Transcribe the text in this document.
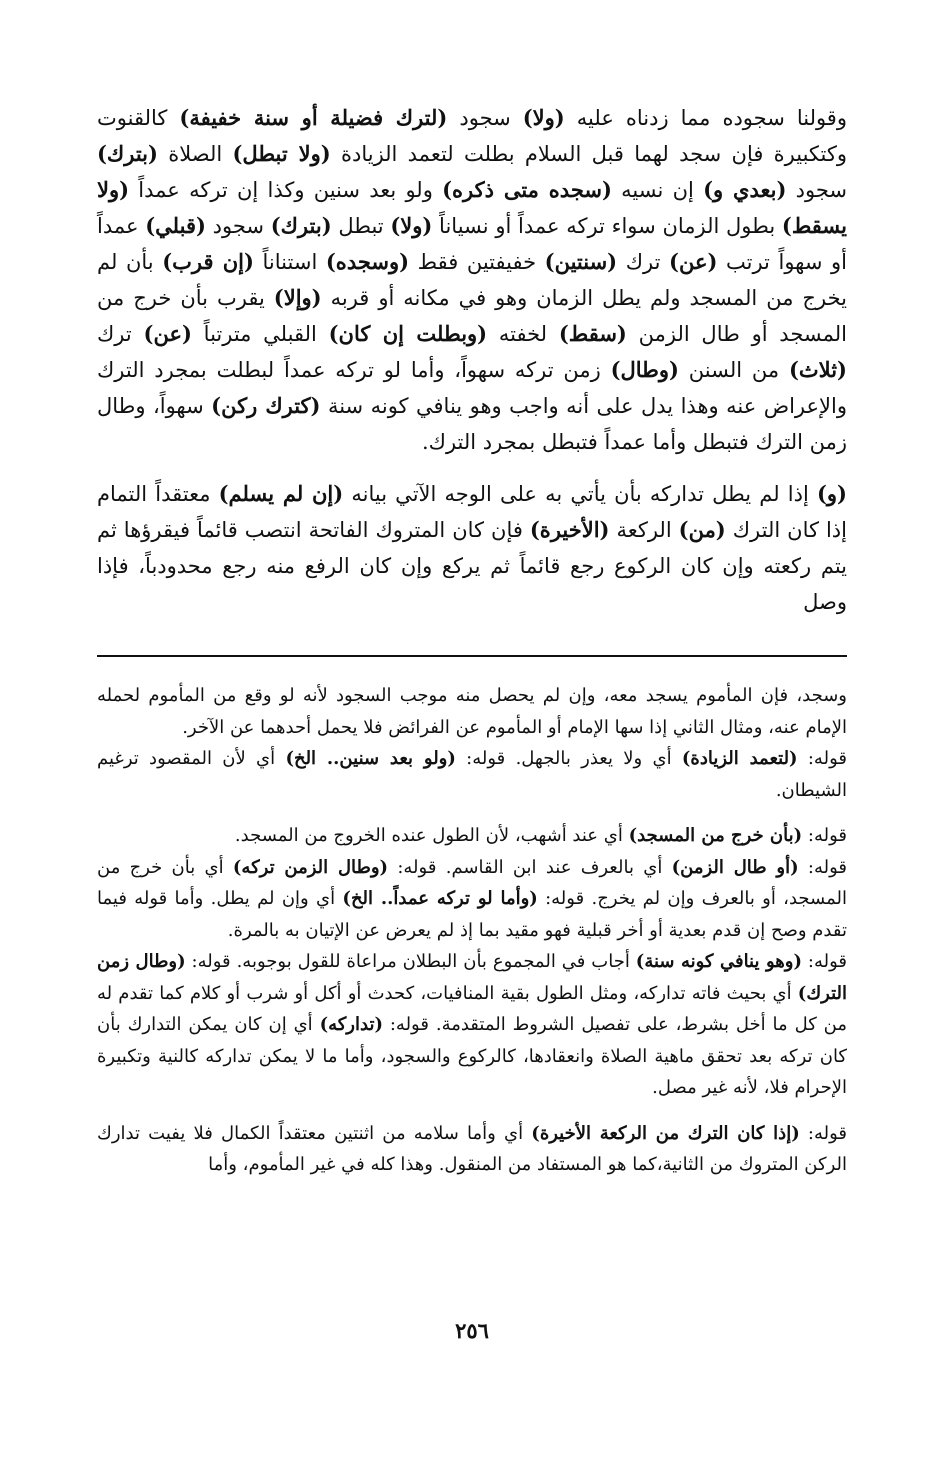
وقولنا سجوده مما زدناه عليه (ولا) سجود (لترك فضيلة أو سنة خفيفة) كالقنوت وكتكبيرة فإن سجد لهما قبل السلام بطلت لتعمد الزيادة (ولا تبطل) الصلاة (بترك) سجود (بعدي و) إن نسيه (سجده متى ذكره) ولو بعد سنين وكذا إن تركه عمداً (ولا يسقط) بطول الزمان سواء تركه عمداً أو نسياناً (ولا) تبطل (بترك) سجود (قبلي) عمداً أو سهواً ترتب (عن) ترك (سنتين) خفيفتين فقط (وسجده) استناناً (إن قرب) بأن لم يخرج من المسجد ولم يطل الزمان وهو في مكانه أو قربه (وإلا) يقرب بأن خرج من المسجد أو طال الزمن (سقط) لخفته (وبطلت إن كان) القبلي مترتباً (عن) ترك (ثلاث) من السنن (وطال) زمن تركه سهواً، وأما لو تركه عمداً لبطلت بمجرد الترك والإعراض عنه وهذا يدل على أنه واجب وهو ينافي كونه سنة (كترك ركن) سهواً، وطال زمن الترك فتبطل وأما عمداً فتبطل بمجرد الترك.

(و) إذا لم يطل تداركه بأن يأتي به على الوجه الآتي بيانه (إن لم يسلم) معتقداً التمام إذا كان الترك (من) الركعة (الأخيرة) فإن كان المتروك الفاتحة انتصب قائماً فيقرؤها ثم يتم ركعته وإن كان الركوع رجع قائماً ثم يركع وإن كان الرفع منه رجع محدودباً، فإذا وصل

وسجد، فإن المأموم يسجد معه، وإن لم يحصل منه موجب السجود لأنه لو وقع من المأموم لحمله الإمام عنه، ومثال الثاني إذا سها الإمام أو المأموم عن الفرائض فلا يحمل أحدهما عن الآخر.

قوله: (لتعمد الزيادة) أي ولا يعذر بالجهل. قوله: (ولو بعد سنين.. الخ) أي لأن المقصود ترغيم الشيطان.

قوله: (بأن خرج من المسجد) أي عند أشهب، لأن الطول عنده الخروج من المسجد.

قوله: (أو طال الزمن) أي بالعرف عند ابن القاسم. قوله: (وطال الزمن تركه) أي بأن خرج من المسجد، أو بالعرف وإن لم يخرج. قوله: (وأما لو تركه عمداً.. الخ) أي وإن لم يطل. وأما قوله فيما تقدم وصح إن قدم بعدية أو أخر قبلية فهو مقيد بما إذ لم يعرض عن الإتيان به بالمرة.

قوله: (وهو ينافي كونه سنة) أجاب في المجموع بأن البطلان مراعاة للقول بوجوبه. قوله: (وطال زمن الترك) أي بحيث فاته تداركه، ومثل الطول بقية المنافيات، كحدث أو أكل أو شرب أو كلام كما تقدم له من كل ما أخل بشرط، على تفصيل الشروط المتقدمة. قوله: (تداركه) أي إن كان يمكن التدارك بأن كان تركه بعد تحقق ماهية الصلاة وانعقادها، كالركوع والسجود، وأما ما لا يمكن تداركه كالنية وتكبيرة الإحرام فلا، لأنه غير مصل.

قوله: (إذا كان الترك من الركعة الأخيرة) أي وأما سلامه من اثنتين معتقداً الكمال فلا يفيت تدارك الركن المتروك من الثانية،كما هو المستفاد من المنقول. وهذا كله في غير المأموم، وأما

٢٥٦
